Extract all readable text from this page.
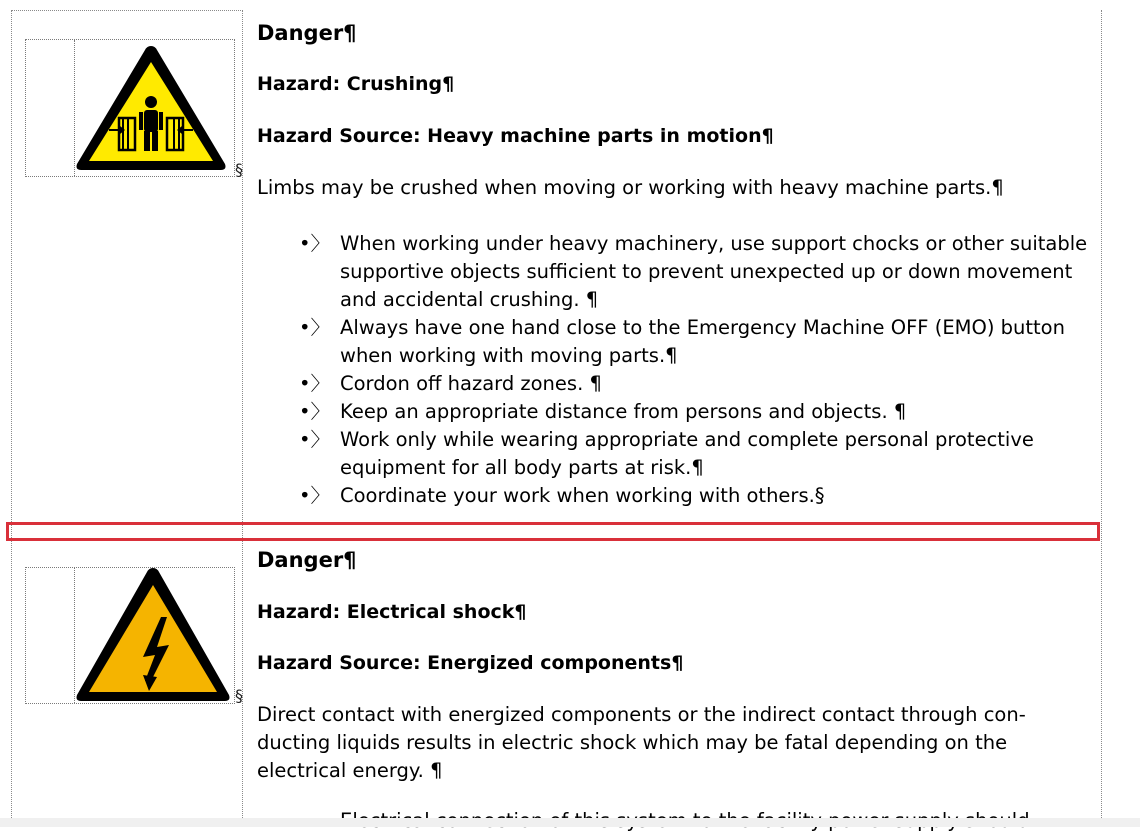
§
Danger¶
Hazard: Crushing¶
Hazard Source: Heavy machine parts in motion¶
Limbs may be crushed when moving or working with heavy machine parts.¶
•〉 When working under heavy machinery, use support chocks or other suitable supportive objects sufficient to prevent unexpected up or down movement and accidental crushing. ¶
•〉 Always have one hand close to the Emergency Machine OFF (EMO) button when working with moving parts.¶
•〉 Cordon off hazard zones. ¶
•〉 Keep an appropriate distance from persons and objects. ¶
•〉 Work only while wearing appropriate and complete personal protective equipment for all body parts at risk.¶
•〉 Coordinate your work when working with others.§
§
Danger¶
Hazard: Electrical shock¶
Hazard Source: Energized components¶
Direct contact with energized components or the indirect contact through con-ducting liquids results in electric shock which may be fatal depending on the electrical energy. ¶
